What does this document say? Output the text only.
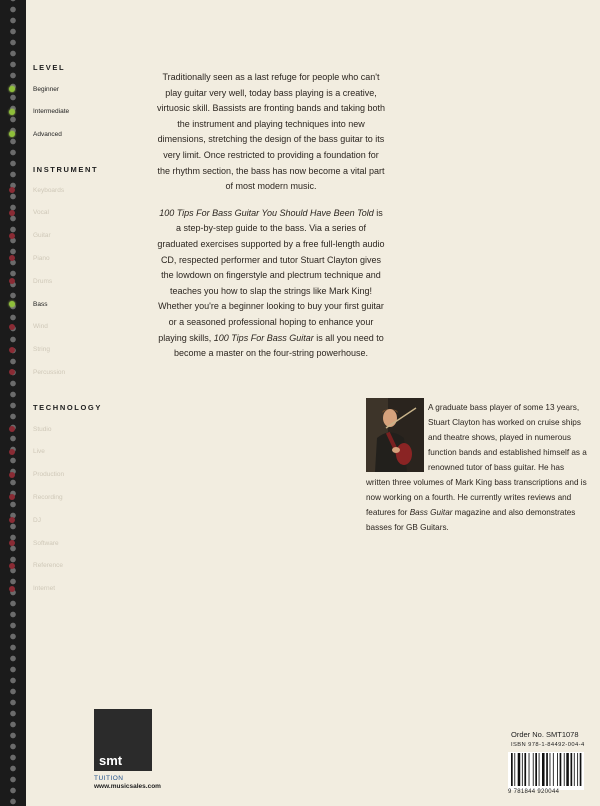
LEVEL
Beginner
Intermediate
Advanced
INSTRUMENT
Keyboards
Vocal
Guitar
Piano
Drums
Bass
Wind
String
Percussion
TECHNOLOGY
Studio
Live
Production
Recording
DJ
Software
Reference
Internet

Traditionally seen as a last refuge for people who can't play guitar very well, today bass playing is a creative, virtuosic skill. Bassists are fronting bands and taking both the instrument and playing techniques into new dimensions, stretching the design of the bass guitar to its very limit. Once restricted to providing a foundation for the rhythm section, the bass has now become a vital part of most modern music.

100 Tips For Bass Guitar You Should Have Been Told is a step-by-step guide to the bass. Via a series of graduated exercises supported by a free full-length audio CD, respected performer and tutor Stuart Clayton gives the lowdown on fingerstyle and plectrum technique and teaches you how to slap the strings like Mark King! Whether you're a beginner looking to buy your first guitar or a seasoned professional hoping to enhance your playing skills, 100 Tips For Bass Guitar is all you need to become a master on the four-string powerhouse.

A graduate bass player of some 13 years, Stuart Clayton has worked on cruise ships and theatre shows, played in numerous function bands and established himself as a renowned tutor of bass guitar. He has written three volumes of Mark King bass transcriptions and is now working on a fourth. He currently writes reviews and features for Bass Guitar magazine and also demonstrates basses for GB Guitars.
smt
TUITION
www.musicsales.com
Order No. SMT1078
ISBN 978-1-84492-004-4
9 781844 920044
